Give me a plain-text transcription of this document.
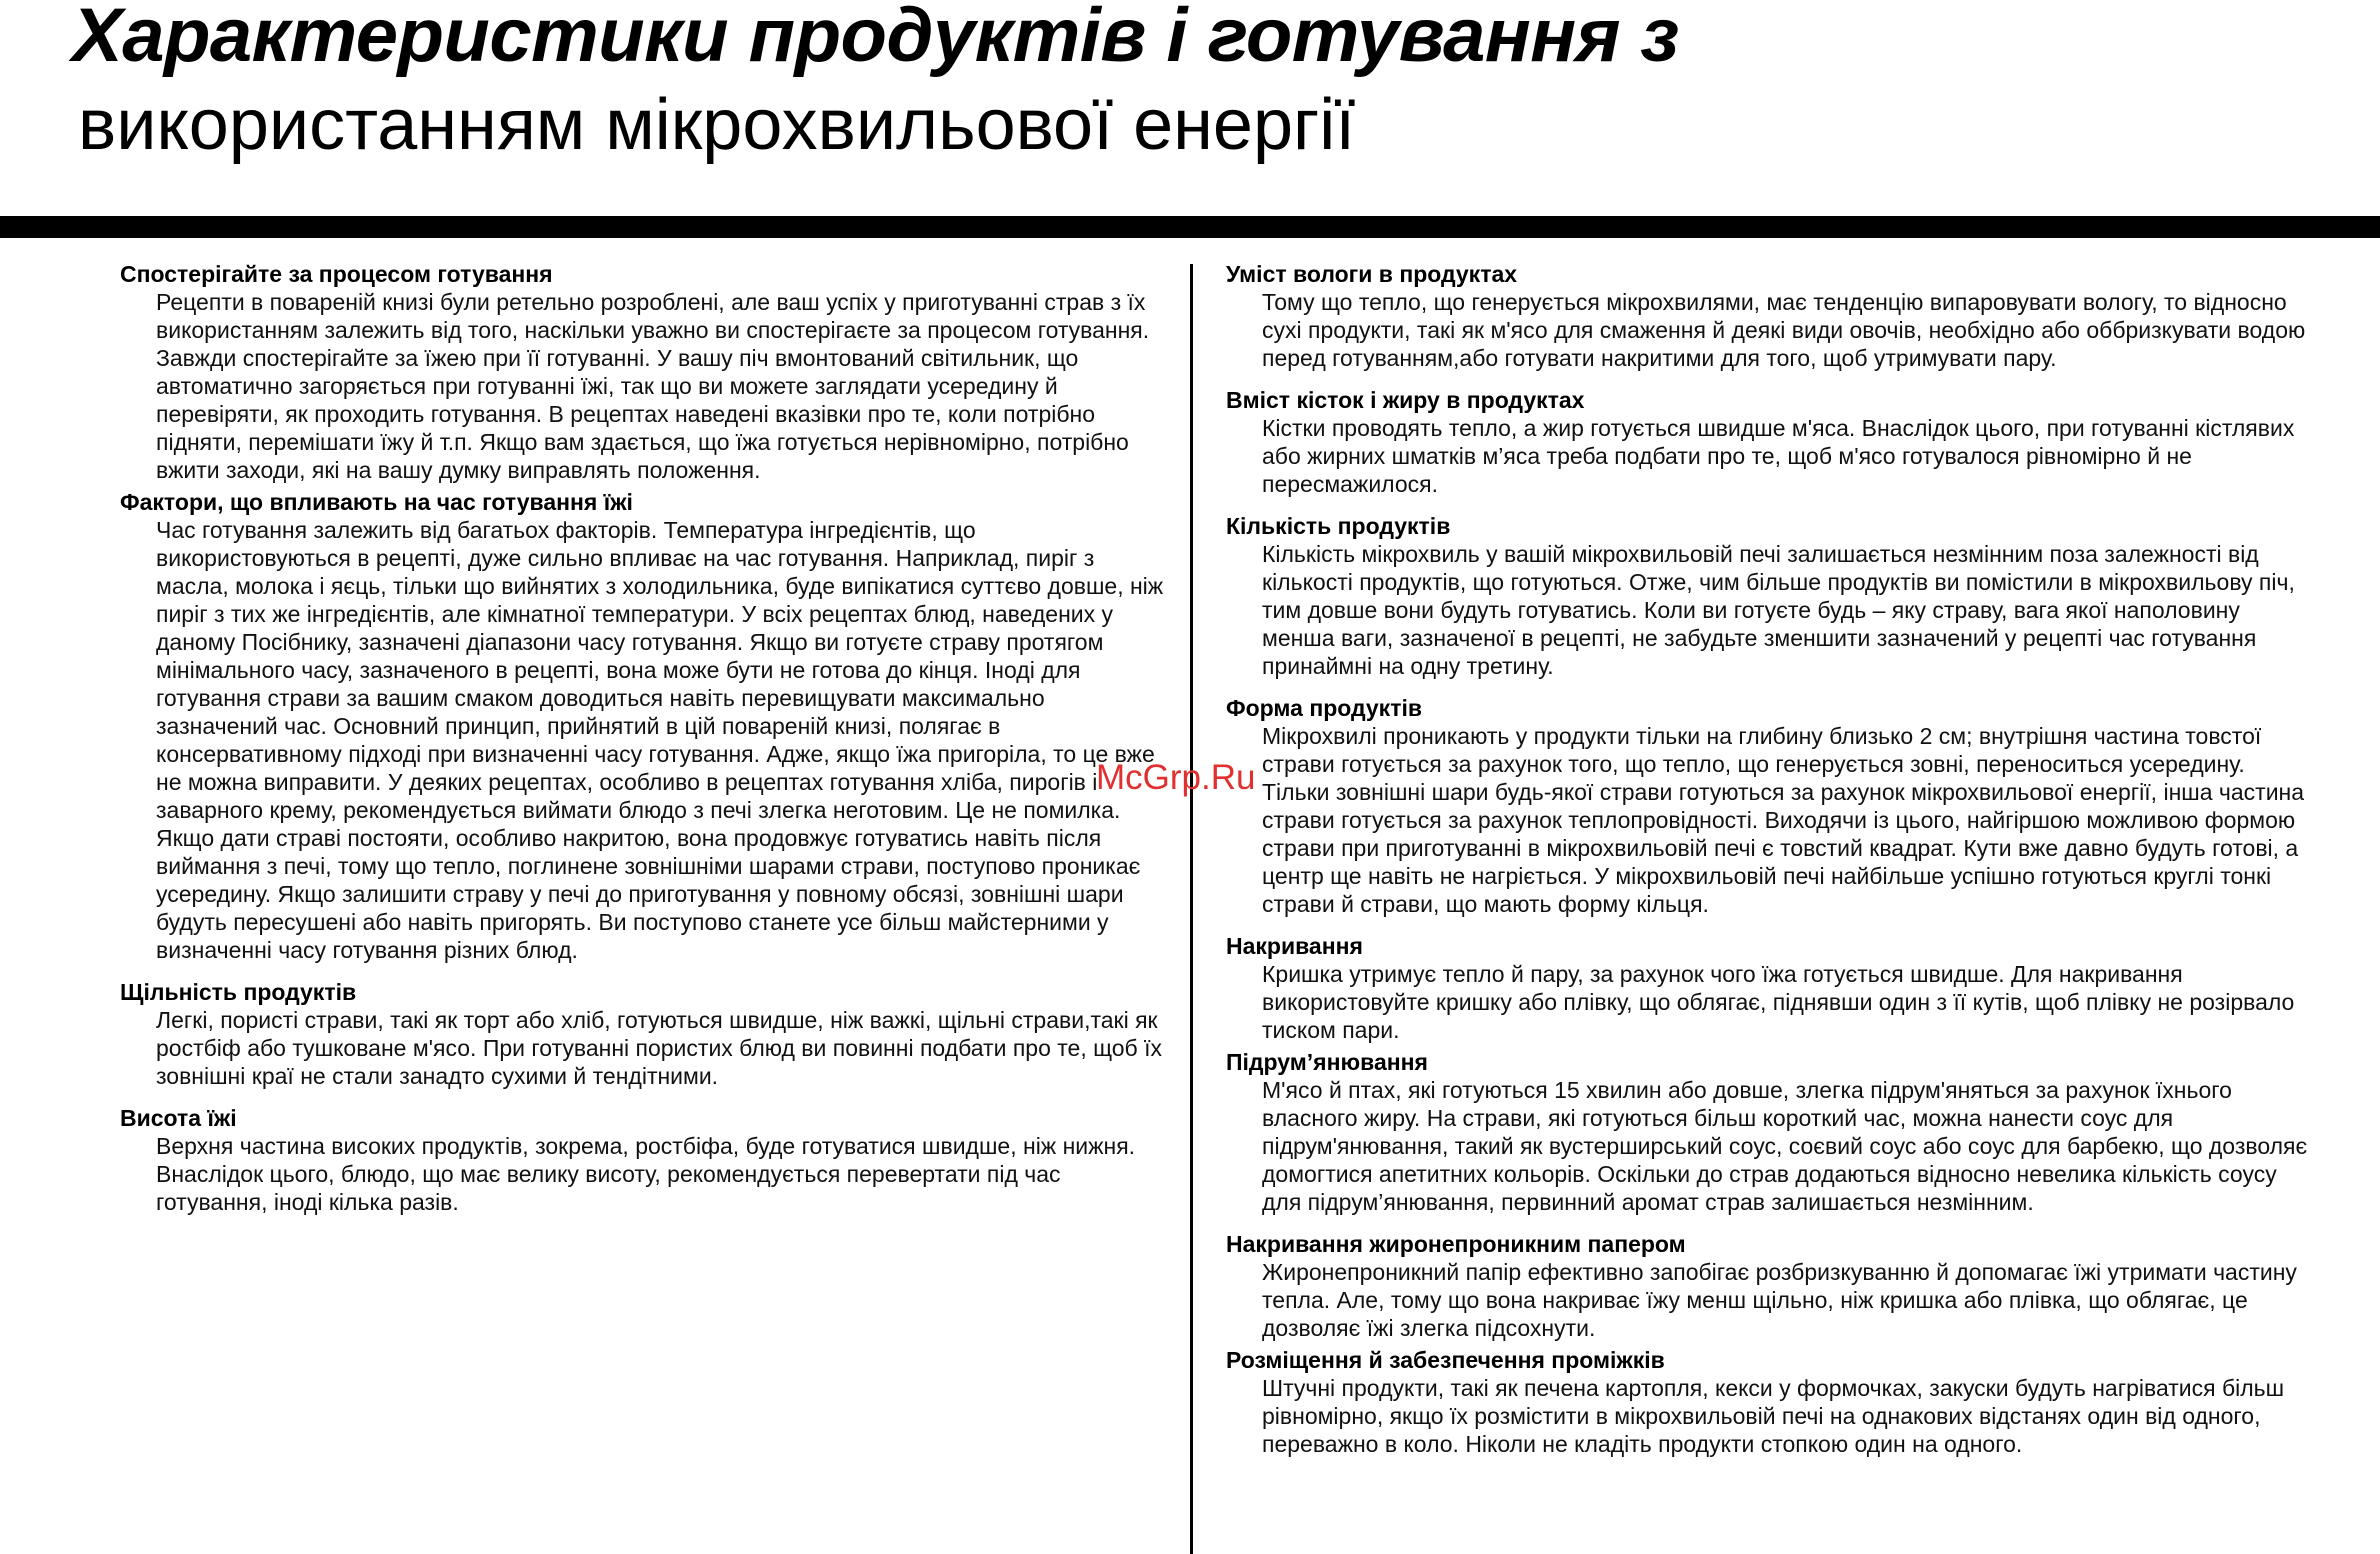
Характеристики продуктів і готування з
використанням мікрохвильової енергії

Спостерігайте за процесом готування

Рецепти в повареній книзі були ретельно розроблені, але ваш успіх у приготуванні страв з їх використанням залежить від того, наскільки уважно ви спостерігаєте за процесом готування. Завжди спостерігайте за їжею при її готуванні. У вашу піч вмонтований світильник, що автоматично загоряється при готуванні їжі, так що ви можете заглядати усередину й перевіряти, як проходить готування. В рецептах наведені вказівки про те, коли потрібно підняти, перемішати їжу й т.п. Якщо вам здається, що їжа готується нерівномірно, потрібно вжити заходи, які на вашу думку виправлять положення.

Фактори, що впливають на час готування їжі

Час готування залежить від багатьох факторів. Температура інгредієнтів, що використовуються в рецепті, дуже сильно впливає на час готування. Наприклад, пиріг з масла, молока і яєць, тільки що вийнятих з холодильника, буде випікатися суттєво довше, ніж пиріг з тих же інгредієнтів, але кімнатної температури. У всіх рецептах блюд, наведених у даному Посібнику, зазначені діапазони часу готування. Якщо ви готуєте страву протягом мінімального часу, зазначеного в рецепті, вона може бути не готова до кінця. Іноді для готування страви за вашим смаком доводиться навіть перевищувати максимально зазначений час. Основний принцип, прийнятий в цій повареній книзі, полягає в консервативному підході при визначенні часу готування. Адже, якщо їжа пригоріла, то це вже не можна виправити. У деяких рецептах, особливо в рецептах готування хліба, пирогів і заварного крему, рекомендується виймати блюдо з печі злегка неготовим. Це не помилка. Якщо дати страві постояти, особливо накритою, вона продовжує готуватись навіть після виймання з печі, тому що тепло, поглинене зовнішніми шарами страви, поступово проникає усередину. Якщо залишити страву у печі до приготування у повному обсязі, зовнішні шари будуть пересушені або навіть пригорять. Ви поступово станете усе більш майстерними у визначенні часу готування різних блюд.

Щільність продуктів

Легкі, пористі страви, такі як торт або хліб, готуються швидше, ніж важкі, щільні страви,такі як ростбіф або тушковане м'ясо. При готуванні пористих блюд ви повинні подбати про те, щоб їх зовнішні краї не стали занадто сухими й тендітними.

Висота їжі

Верхня частина високих продуктів, зокрема, ростбіфа, буде готуватися швидше, ніж нижня. Внаслідок цього, блюдо, що має велику висоту, рекомендується перевертати під час готування, іноді кілька разів.

Уміст вологи в продуктах

Тому що тепло, що генерується мікрохвилями, має тенденцію випаровувати вологу, то відносно сухі продукти, такі як м'ясо для смаження й деякі види овочів, необхідно або оббризкувати водою перед готуванням,або готувати накритими для того, щоб утримувати пару.

Вміст кісток і жиру в продуктах

Кістки проводять тепло, а жир готується швидше м'яса. Внаслідок цього, при готуванні кістлявих або жирних шматків м’яса треба подбати про те, щоб м'ясо готувалося рівномірно й не пересмажилося.

Кількість продуктів

Кількість мікрохвиль у вашій мікрохвильовій печі залишається незмінним поза залежності від кількості продуктів, що готуються. Отже, чим більше продуктів ви помістили в мікрохвильову піч, тим довше вони будуть готуватись. Коли ви готуєте будь – яку страву, вага якої наполовину менша ваги, зазначеної в рецепті, не забудьте зменшити зазначений у рецепті час готування принаймні на одну третину.

Форма продуктів

Мікрохвилі проникають у продукти тільки на глибину близько 2 см; внутрішня частина товстої страви готується за рахунок того, що тепло, що генерується зовні, переноситься усередину. Тільки зовнішні шари будь-якої страви готуються за рахунок мікрохвильової енергії, інша частина страви готується за рахунок теплопровідності. Виходячи із цього, найгіршою можливою формою страви при приготуванні в мікрохвильовій печі є товстий квадрат. Кути вже давно будуть готові, а центр ще навіть не нагріється. У мікрохвильовій печі найбільше успішно готуються круглі тонкі страви й страви, що мають форму кільця.

Накривання

Кришка утримує тепло й пару, за рахунок чого їжа готується швидше. Для накривання використовуйте кришку або плівку, що облягає, піднявши один з її кутів, щоб плівку не розірвало тиском пари.

Підрум’янювання

М'ясо й птах, які готуються 15 хвилин або довше, злегка підрум'яняться за рахунок їхнього власного жиру. На страви, які готуються більш короткий час, можна нанести соус для підрум'янювання, такий як вустерширський соус, соєвий соус або соус для барбекю, що дозволяє домогтися апетитних кольорів. Оскільки до страв додаються відносно невелика кількість соусу для підрум’янювання, первинний аромат страв залишається незмінним.

Накривання жиронепроникним папером

Жиронепроникний папір ефективно запобігає розбризкуванню й допомагає їжі утримати частину тепла. Але, тому що вона накриває їжу менш щільно, ніж кришка або плівка, що облягає, це дозволяє їжі злегка підсохнути.

Розміщення й забезпечення проміжків

Штучні продукти, такі як печена картопля, кекси у формочках, закуски будуть нагріватися більш рівномірно, якщо їх розмістити в мікрохвильовій печі на однакових відстанях один від одного, переважно в коло. Ніколи не кладіть продукти стопкою один на одного.

McGrp.Ru
